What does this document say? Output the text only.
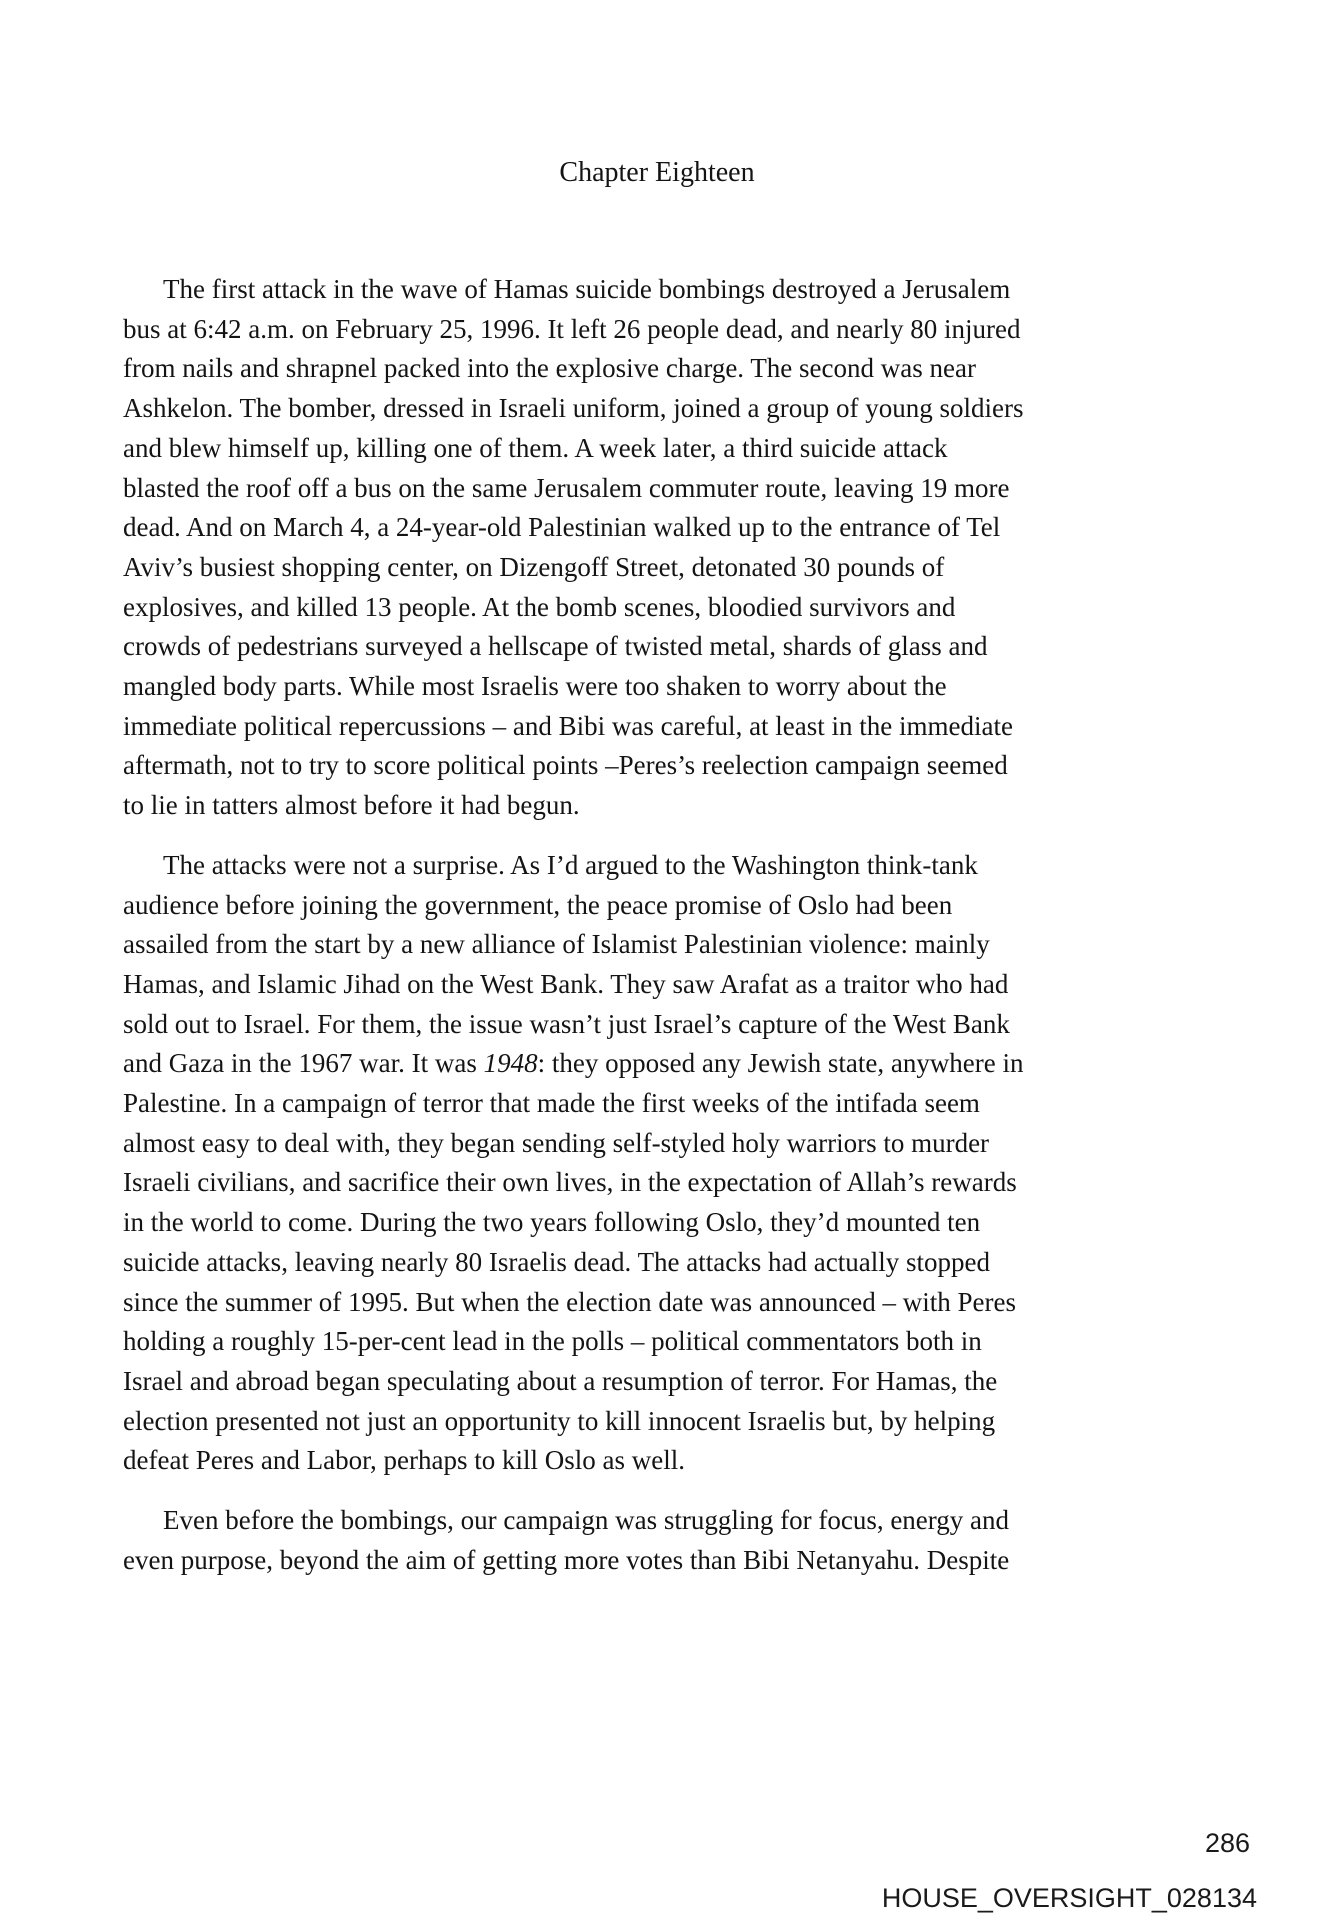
Chapter Eighteen

The first attack in the wave of Hamas suicide bombings destroyed a Jerusalem
bus at 6:42 a.m. on February 25, 1996. It left 26 people dead, and nearly 80 injured
from nails and shrapnel packed into the explosive charge. The second was near
Ashkelon. The bomber, dressed in Israeli uniform, joined a group of young soldiers
and blew himself up, killing one of them. A week later, a third suicide attack
blasted the roof off a bus on the same Jerusalem commuter route, leaving 19 more
dead. And on March 4, a 24-year-old Palestinian walked up to the entrance of Tel
Aviv’s busiest shopping center, on Dizengoff Street, detonated 30 pounds of
explosives, and killed 13 people. At the bomb scenes, bloodied survivors and
crowds of pedestrians surveyed a hellscape of twisted metal, shards of glass and
mangled body parts. While most Israelis were too shaken to worry about the
immediate political repercussions – and Bibi was careful, at least in the immediate
aftermath, not to try to score political points –Peres’s reelection campaign seemed
to lie in tatters almost before it had begun.

The attacks were not a surprise. As I’d argued to the Washington think-tank
audience before joining the government, the peace promise of Oslo had been
assailed from the start by a new alliance of Islamist Palestinian violence: mainly
Hamas, and Islamic Jihad on the West Bank. They saw Arafat as a traitor who had
sold out to Israel. For them, the issue wasn’t just Israel’s capture of the West Bank
and Gaza in the 1967 war. It was 1948: they opposed any Jewish state, anywhere in
Palestine. In a campaign of terror that made the first weeks of the intifada seem
almost easy to deal with, they began sending self-styled holy warriors to murder
Israeli civilians, and sacrifice their own lives, in the expectation of Allah’s rewards
in the world to come. During the two years following Oslo, they’d mounted ten
suicide attacks, leaving nearly 80 Israelis dead. The attacks had actually stopped
since the summer of 1995. But when the election date was announced – with Peres
holding a roughly 15-per-cent lead in the polls – political commentators both in
Israel and abroad began speculating about a resumption of terror. For Hamas, the
election presented not just an opportunity to kill innocent Israelis but, by helping
defeat Peres and Labor, perhaps to kill Oslo as well.

Even before the bombings, our campaign was struggling for focus, energy and
even purpose, beyond the aim of getting more votes than Bibi Netanyahu. Despite

286
HOUSE_OVERSIGHT_028134
